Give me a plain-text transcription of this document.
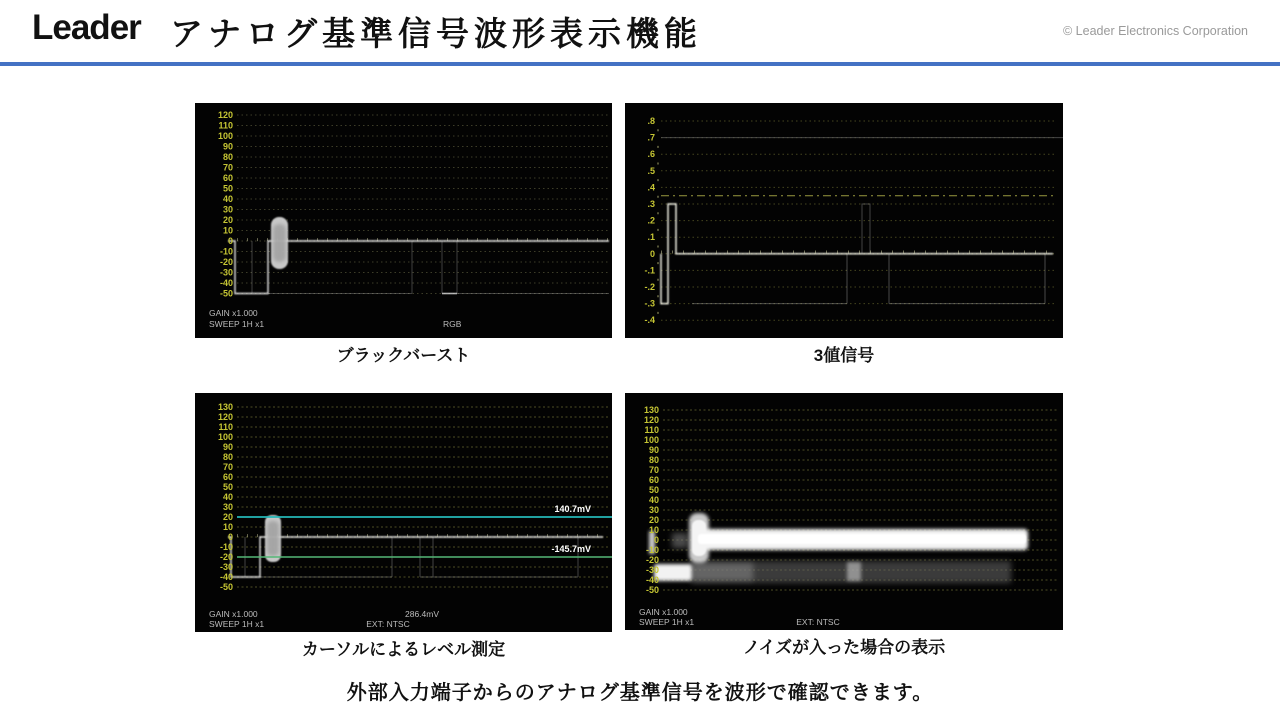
Leader アナログ基準信号波形表示機能	© Leader Electronics Corporation
120
110
100
90
80
70
60
50
40
30
20
10
0
-10
-20
-30
-40
-50
GAIN x1.000
SWEEP 1H x1	RGB
ブラックバースト
.8
.7
.6
.5
.4
.3
.2
.1
0
-.1
-.2
-.3
-.4
3値信号
140.7mV
-145.7mV
130
120
110
100
90
80
70
60
50
40
30
20
10
0
-10
-20
-30
-40
-50
GAIN x1.000
SWEEP 1H x1
286.4mV
EXT: NTSC
カーソルによるレベル測定
130
120
110
100
90
80
70
60
50
40
30
20
10
0
-10
-20
-30
-40
-50
GAIN x1.000
SWEEP 1H x1	EXT: NTSC
ノイズが入った場合の表示
外部入力端子からのアナログ基準信号を波形で確認できます。
